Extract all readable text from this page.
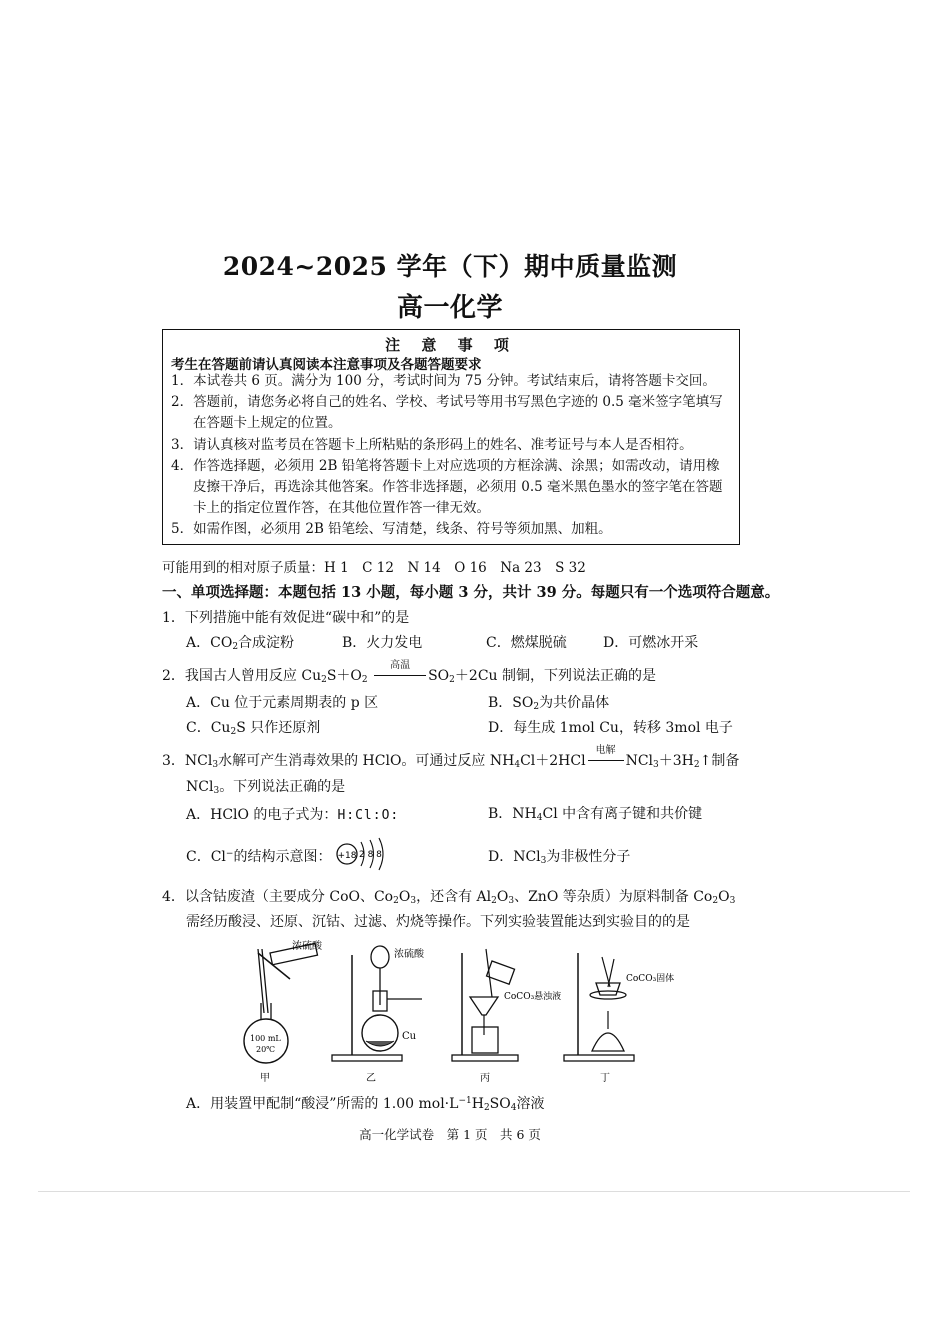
2024~2025 学年（下）期中质量监测
高一化学
注 意 事 项
考生在答题前请认真阅读本注意事项及各题答题要求
1．本试卷共 6 页。满分为 100 分，考试时间为 75 分钟。考试结束后，请将答题卡交回。
2．答题前，请您务必将自己的姓名、学校、考试号等用书写黑色字迹的 0.5 毫米签字笔填写
在答题卡上规定的位置。
3．请认真核对监考员在答题卡上所粘贴的条形码上的姓名、准考证号与本人是否相符。
4．作答选择题，必须用 2B 铅笔将答题卡上对应选项的方框涂满、涂黑；如需改动，请用橡
皮擦干净后，再选涂其他答案。作答非选择题，必须用 0.5 毫米黑色墨水的签字笔在答题
卡上的指定位置作答，在其他位置作答一律无效。
5．如需作图，必须用 2B 铅笔绘、写清楚，线条、符号等须加黑、加粗。
可能用到的相对原子质量：H 1　C 12　N 14　O 16　Na 23　S 32
一、单项选择题：本题包括 13 小题，每小题 3 分，共计 39 分。每题只有一个选项符合题意。
1．下列措施中能有效促进“碳中和”的是
A．$CO_2$合成淀粉	B．火力发电	C．燃煤脱硫	D．可燃冰开采
2．我国古人曾用反应 $Cu_2S+O_2$
高温
$SO_2+2Cu$ 制铜，下列说法正确的是
A．Cu 位于元素周期表的 p 区	B．$SO_2$为共价晶体
C．$Cu_2S$ 只作还原剂	D．每生成 1mol Cu，转移 3mol 电子
3．NCl$_3$水解可产生消毒效果的 HClO。可通过反应 $NH_4Cl+2HCl$
电解
$NCl_3+3H_2↑$制备
NCl$_3$。下列说法正确的是
A．HClO 的电子式为：H:Cl:O:	B．$NH_4Cl$ 中含有离子键和共价键
C．Cl−的结构示意图： +18 2 8 8	D．NCl$_3$为非极性分子
4．以含钴废渣（主要成分 CoO、$Co_2O_3$，还含有 $Al_2O_3$、ZnO 等杂质）为原料制备 $Co_2O_3$
需经历酸浸、还原、沉钴、过滤、灼烧等操作。下列实验装置能达到实验目的的是
浓硫酸
100 mL
20℃
浓硫酸
Cu
CoCO₃悬浊液
CoCO₃固体
甲	乙	丙	丁
A．用装置甲配制“酸浸”所需的 1.00 $mol\cdot L^{-1}H_2SO_4$溶液
高一化学试卷　第 1 页　共 6 页
